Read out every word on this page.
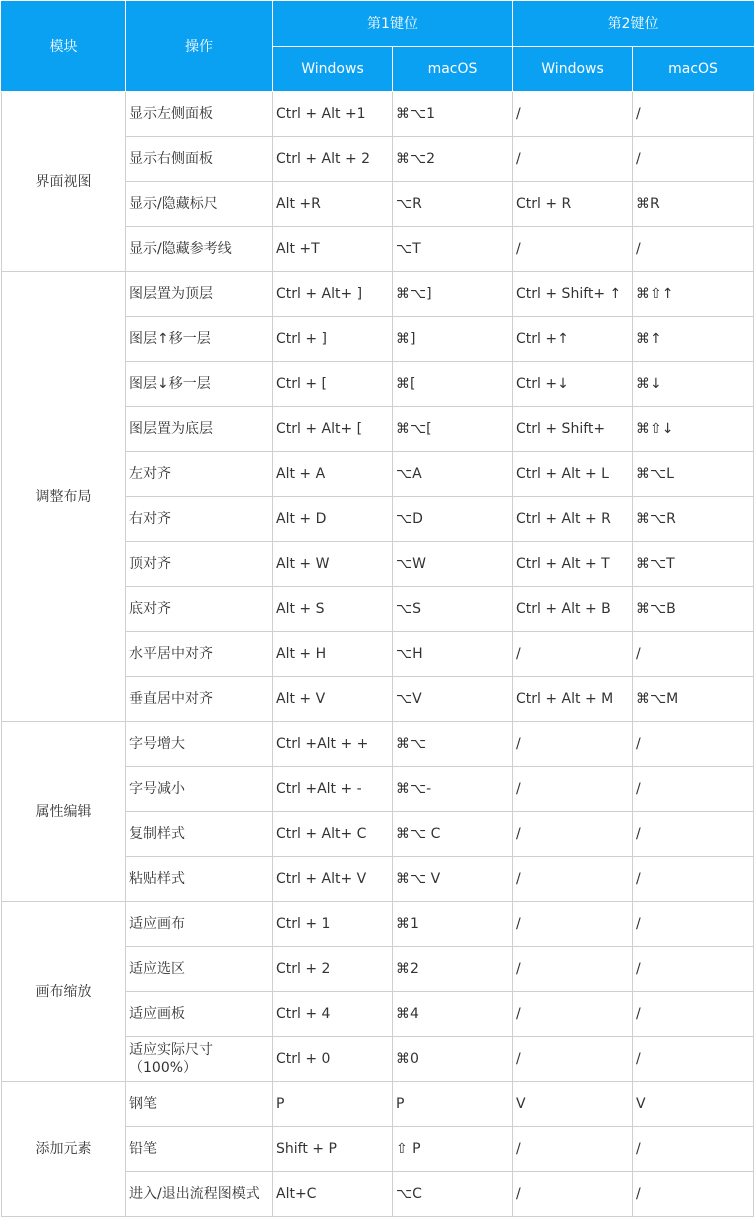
模块	操作	第1键位		第2键位	
		Windows	macOS	Windows	macOS
界面视图	显示左侧面板	Ctrl + Alt +1	⌘⌥1	/	/
	显示右侧面板	Ctrl + Alt + 2	⌘⌥2	/	/
	显示/隐藏标尺	Alt +R	⌥R	Ctrl + R	⌘R
	显示/隐藏参考线	Alt +T	⌥T	/	/
调整布局	图层置为顶层	Ctrl + Alt+ ]	⌘⌥]	Ctrl + Shift+ ↑	⌘⇧↑
	图层↑移一层	Ctrl + ]	⌘]	Ctrl +↑	⌘↑
	图层↓移一层	Ctrl + [	⌘[	Ctrl +↓	⌘↓
	图层置为底层	Ctrl + Alt+ [	⌘⌥[	Ctrl + Shift+	⌘⇧↓
	左对齐	Alt + A	⌥A	Ctrl + Alt + L	⌘⌥L
	右对齐	Alt + D	⌥D	Ctrl + Alt + R	⌘⌥R
	顶对齐	Alt + W	⌥W	Ctrl + Alt + T	⌘⌥T
	底对齐	Alt + S	⌥S	Ctrl + Alt + B	⌘⌥B
	水平居中对齐	Alt + H	⌥H	/	/
	垂直居中对齐	Alt + V	⌥V	Ctrl + Alt + M	⌘⌥M
属性编辑	字号增大	Ctrl +Alt + +	⌘⌥	/	/
	字号减小	Ctrl +Alt + -	⌘⌥-	/	/
	复制样式	Ctrl + Alt+ C	⌘⌥ C	/	/
	粘贴样式	Ctrl + Alt+ V	⌘⌥ V	/	/
画布缩放	适应画布	Ctrl + 1	⌘1	/	/
	适应选区	Ctrl + 2	⌘2	/	/
	适应画板	Ctrl + 4	⌘4	/	/
	适应实际尺寸（100%）	Ctrl + 0	⌘0	/	/
添加元素	钢笔	P	P	V	V
	铅笔	Shift + P	⇧ P	/	/
	进入/退出流程图模式	Alt+C	⌥C	/	/
